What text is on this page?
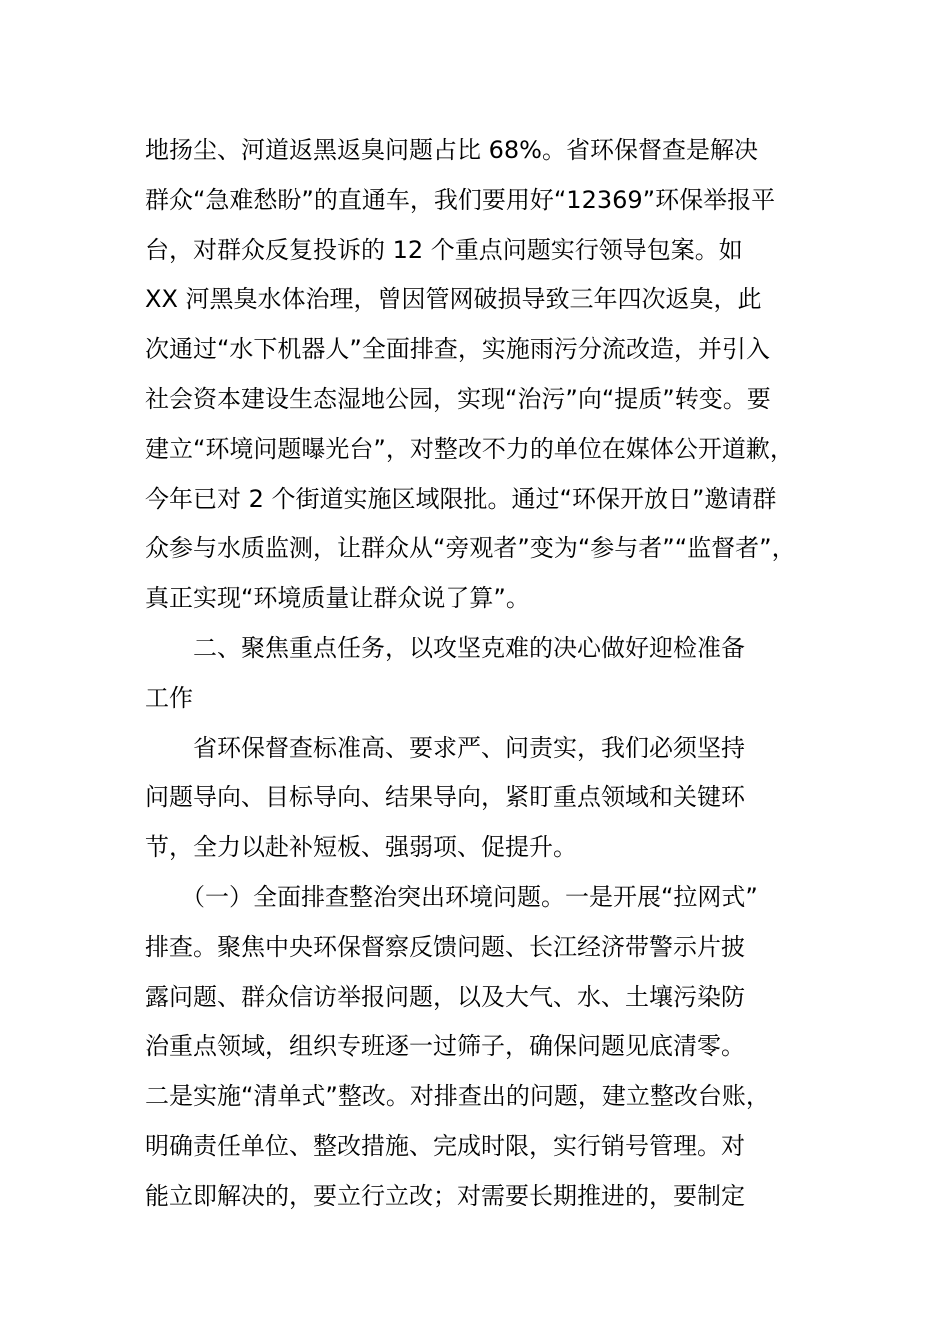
地扬尘、河道返黑返臭问题占比 68%。省环保督查是解决
群众“急难愁盼”的直通车，我们要用好“12369”环保举报平
台，对群众反复投诉的 12 个重点问题实行领导包案。如
XX 河黑臭水体治理，曾因管网破损导致三年四次返臭，此
次通过“水下机器人”全面排查，实施雨污分流改造，并引入
社会资本建设生态湿地公园，实现“治污”向“提质”转变。要
建立“环境问题曝光台”，对整改不力的单位在媒体公开道歉，
今年已对 2 个街道实施区域限批。通过“环保开放日”邀请群
众参与水质监测，让群众从“旁观者”变为“参与者”“监督者”，
真正实现“环境质量让群众说了算”。
　　二、聚焦重点任务，以攻坚克难的决心做好迎检准备
工作
　　省环保督查标准高、要求严、问责实，我们必须坚持
问题导向、目标导向、结果导向，紧盯重点领域和关键环
节，全力以赴补短板、强弱项、促提升。
　　（一）全面排查整治突出环境问题。一是开展“拉网式”
排查。聚焦中央环保督察反馈问题、长江经济带警示片披
露问题、群众信访举报问题，以及大气、水、土壤污染防
治重点领域，组织专班逐一过筛子，确保问题见底清零。
二是实施“清单式”整改。对排查出的问题，建立整改台账，
明确责任单位、整改措施、完成时限，实行销号管理。对
能立即解决的，要立行立改；对需要长期推进的，要制定
